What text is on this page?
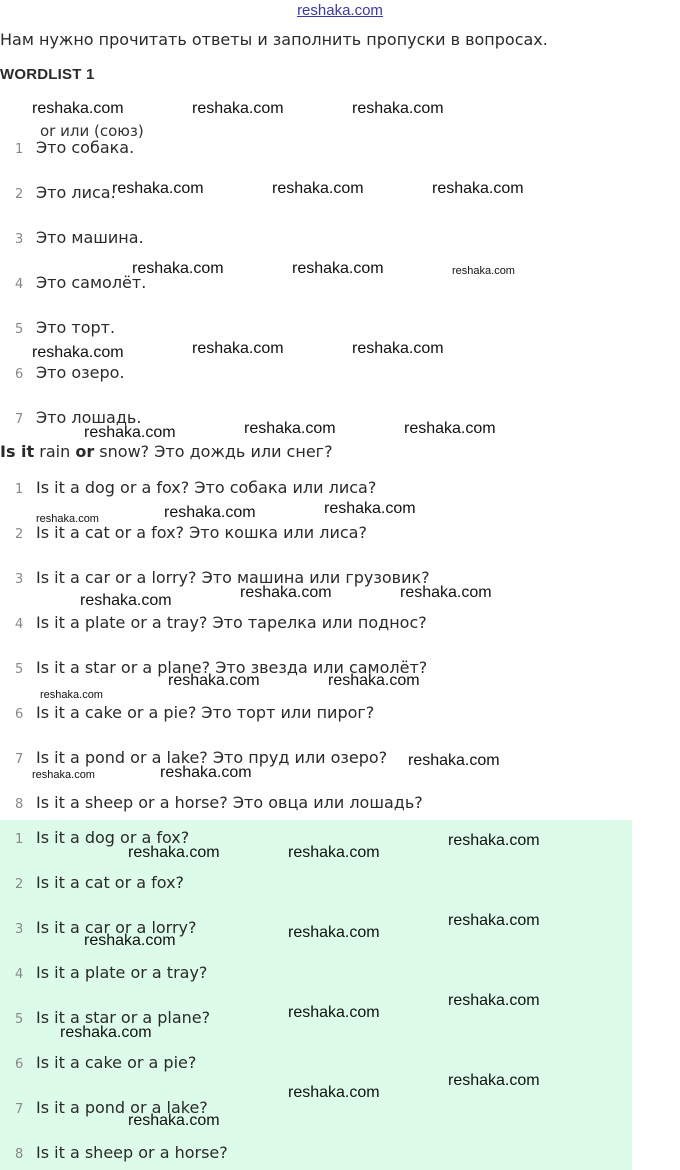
reshaka.com
Нам нужно прочитать ответы и заполнить пропуски в вопросах.
WORDLIST 1
or или (союз)
1 Это собака.
2 Это лиса.
3 Это машина.
4 Это самолёт.
5 Это торт.
6 Это озеро.
7 Это лошадь.
Is it rain or snow? Это дождь или снег?
1 Is it a dog or a fox? Это собака или лиса?
2 Is it a cat or a fox? Это кошка или лиса?
3 Is it a car or a lorry? Это машина или грузовик?
4 Is it a plate or a tray? Это тарелка или поднос?
5 Is it a star or a plane? Это звезда или самолёт?
6 Is it a cake or a pie? Это торт или пирог?
7 Is it a pond or a lake? Это пруд или озеро?
8 Is it a sheep or a horse? Это овца или лошадь?
1 Is it a dog or a fox?
2 Is it a cat or a fox?
3 Is it a car or a lorry?
4 Is it a plate or a tray?
5 Is it a star or a plane?
6 Is it a cake or a pie?
7 Is it a pond or a lake?
8 Is it a sheep or a horse?
reshaka.com	reshaka.com	reshaka.com
reshaka.com	reshaka.com	reshaka.com
reshaka.com	reshaka.com	reshaka.com
reshaka.com	reshaka.com	reshaka.com
reshaka.com	reshaka.com	reshaka.com
reshaka.com	reshaka.com	reshaka.com
reshaka.com	reshaka.com	reshaka.com
reshaka.com
reshaka.com	reshaka.com
reshaka.com	reshaka.com
reshaka.com
reshaka.com	reshaka.com
reshaka.com
reshaka.com	reshaka.com
reshaka.com
reshaka.com
reshaka.com
reshaka.com
reshaka.com
reshaka.com
reshaka.com
